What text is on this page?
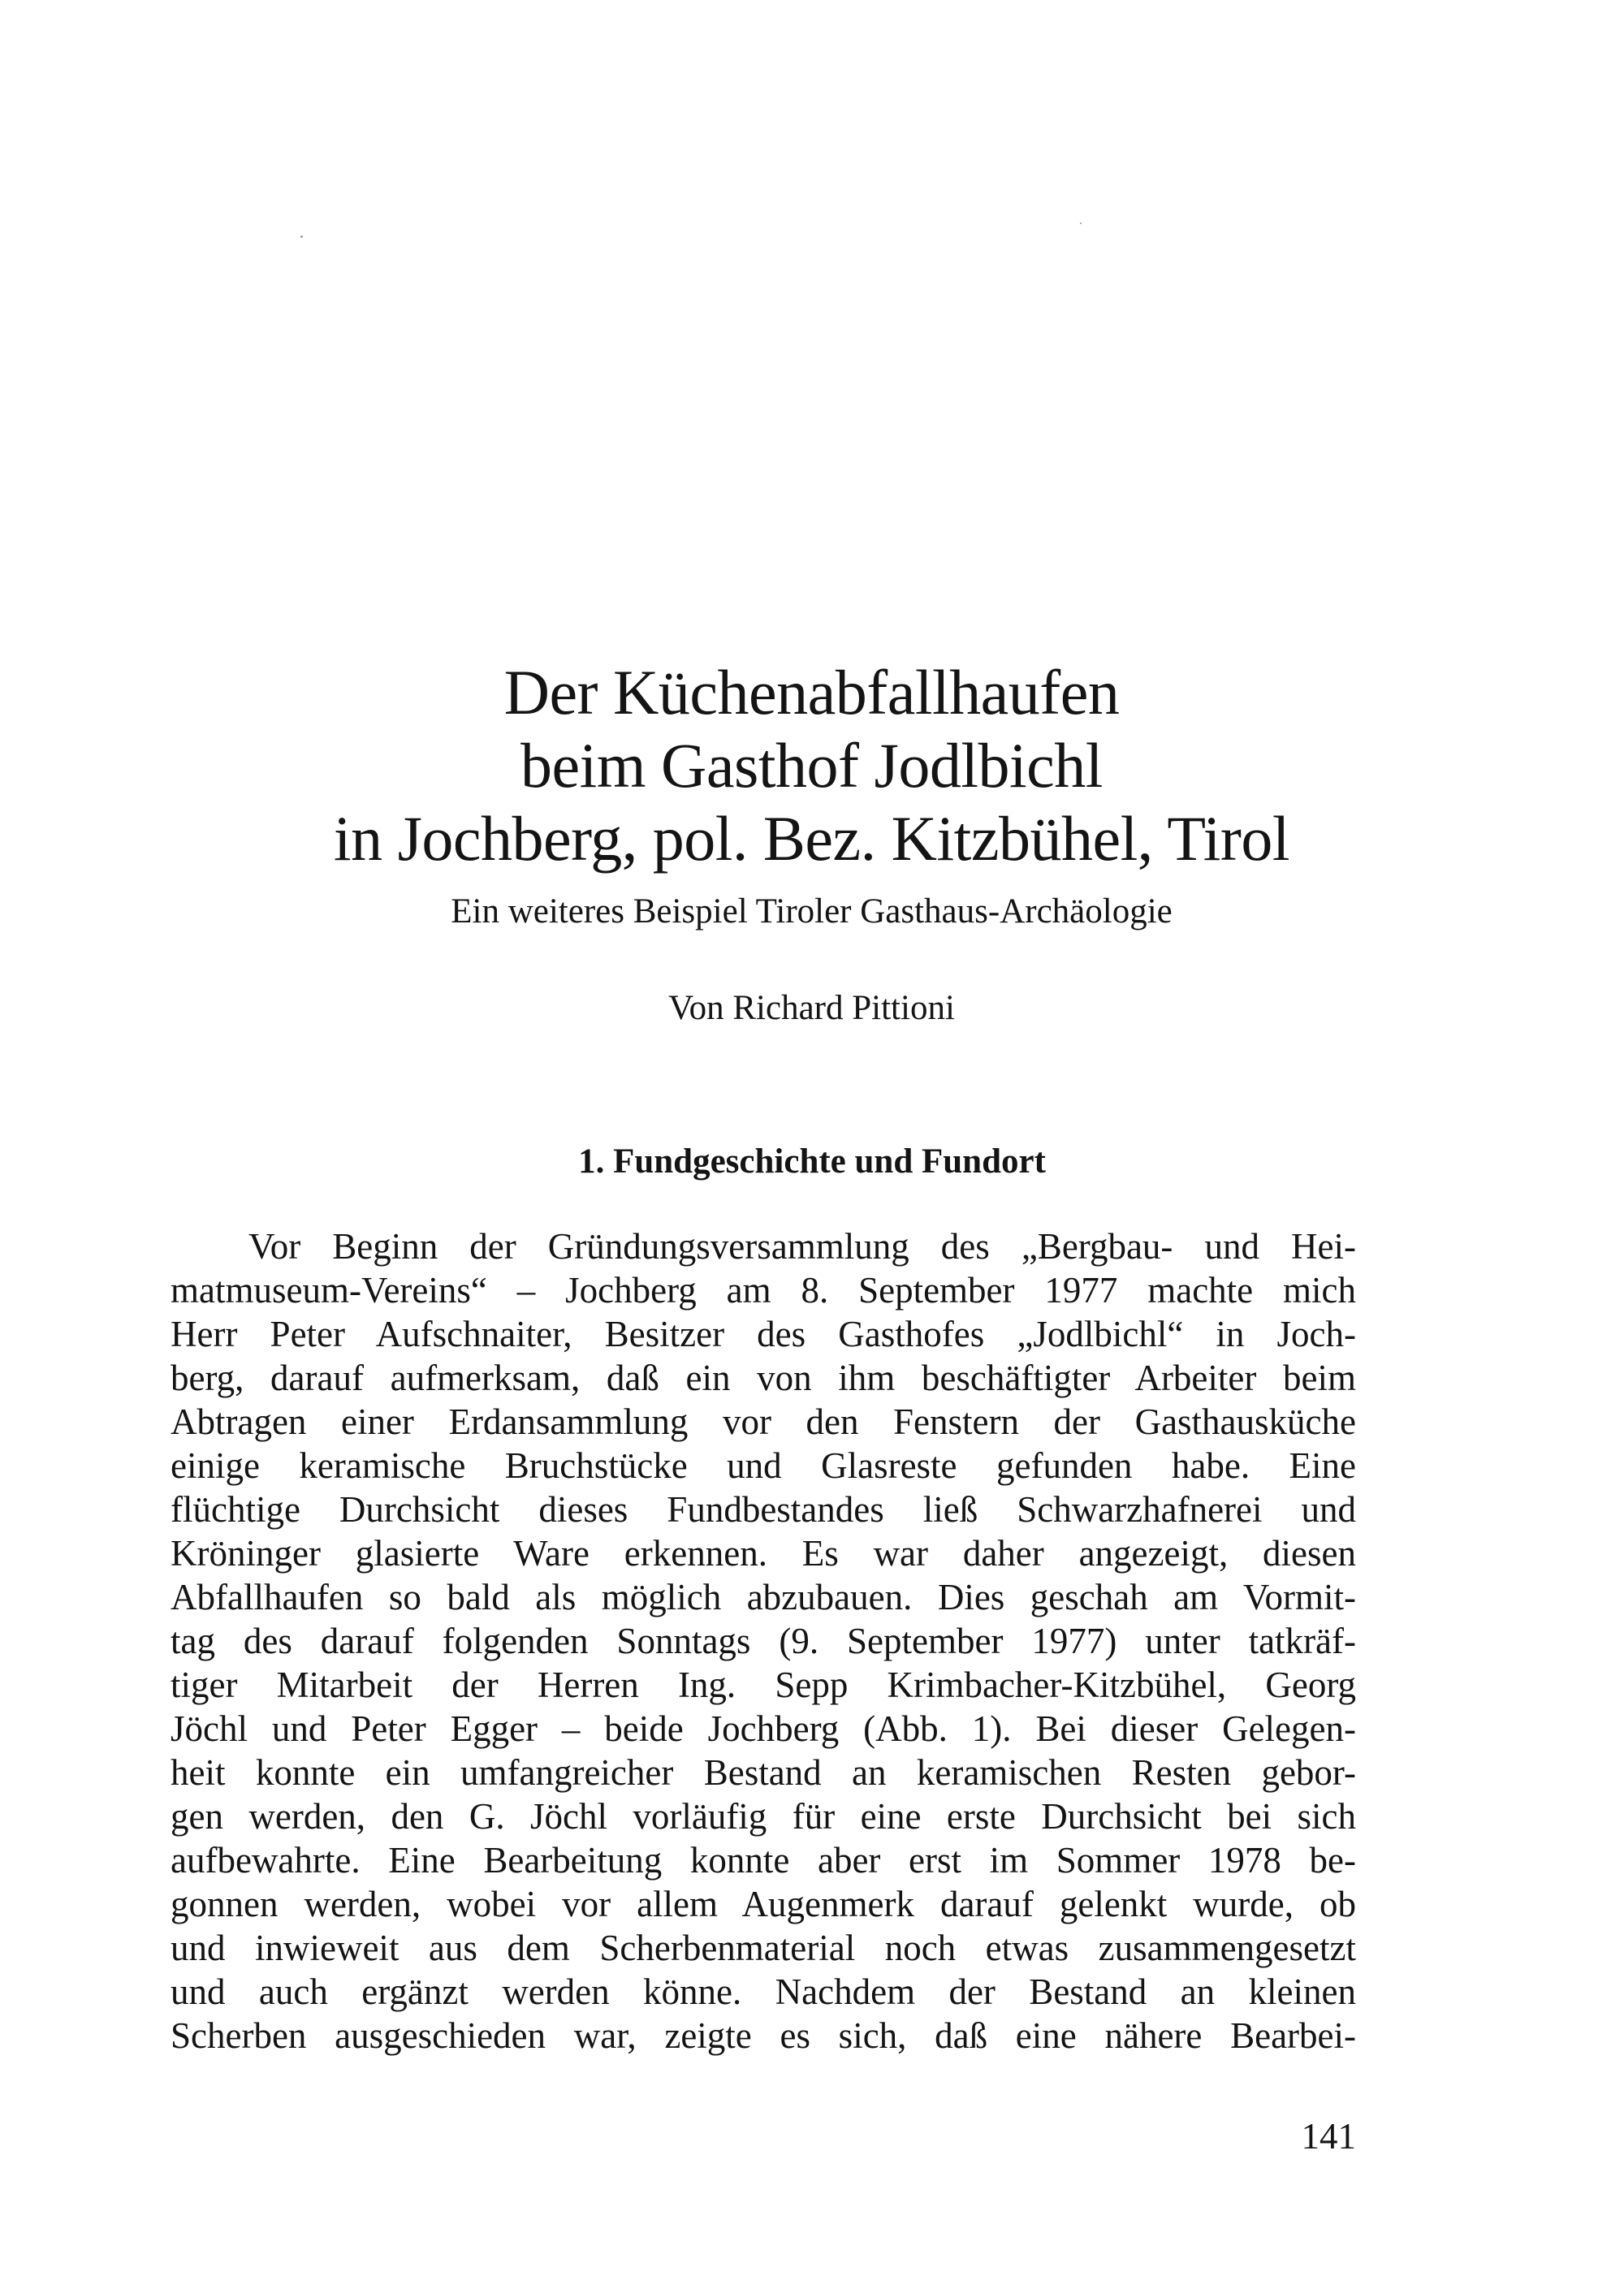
Der Küchenabfallhaufen
beim Gasthof Jodlbichl
in Jochberg, pol. Bez. Kitzbühel, Tirol
Ein weiteres Beispiel Tiroler Gasthaus-Archäologie
Von Richard Pittioni
1. Fundgeschichte und Fundort
Vor Beginn der Gründungsversammlung des „Bergbau- und Hei-
matmuseum-Vereins“ – Jochberg am 8. September 1977 machte mich
Herr Peter Aufschnaiter, Besitzer des Gasthofes „Jodlbichl“ in Joch-
berg, darauf aufmerksam, daß ein von ihm beschäftigter Arbeiter beim
Abtragen einer Erdansammlung vor den Fenstern der Gasthausküche
einige keramische Bruchstücke und Glasreste gefunden habe. Eine
flüchtige Durchsicht dieses Fundbestandes ließ Schwarzhafnerei und
Kröninger glasierte Ware erkennen. Es war daher angezeigt, diesen
Abfallhaufen so bald als möglich abzubauen. Dies geschah am Vormit-
tag des darauf folgenden Sonntags (9. September 1977) unter tatkräf-
tiger Mitarbeit der Herren Ing. Sepp Krimbacher-Kitzbühel, Georg
Jöchl und Peter Egger – beide Jochberg (Abb. 1). Bei dieser Gelegen-
heit konnte ein umfangreicher Bestand an keramischen Resten gebor-
gen werden, den G. Jöchl vorläufig für eine erste Durchsicht bei sich
aufbewahrte. Eine Bearbeitung konnte aber erst im Sommer 1978 be-
gonnen werden, wobei vor allem Augenmerk darauf gelenkt wurde, ob
und inwieweit aus dem Scherbenmaterial noch etwas zusammengesetzt
und auch ergänzt werden könne. Nachdem der Bestand an kleinen
Scherben ausgeschieden war, zeigte es sich, daß eine nähere Bearbei-
141
